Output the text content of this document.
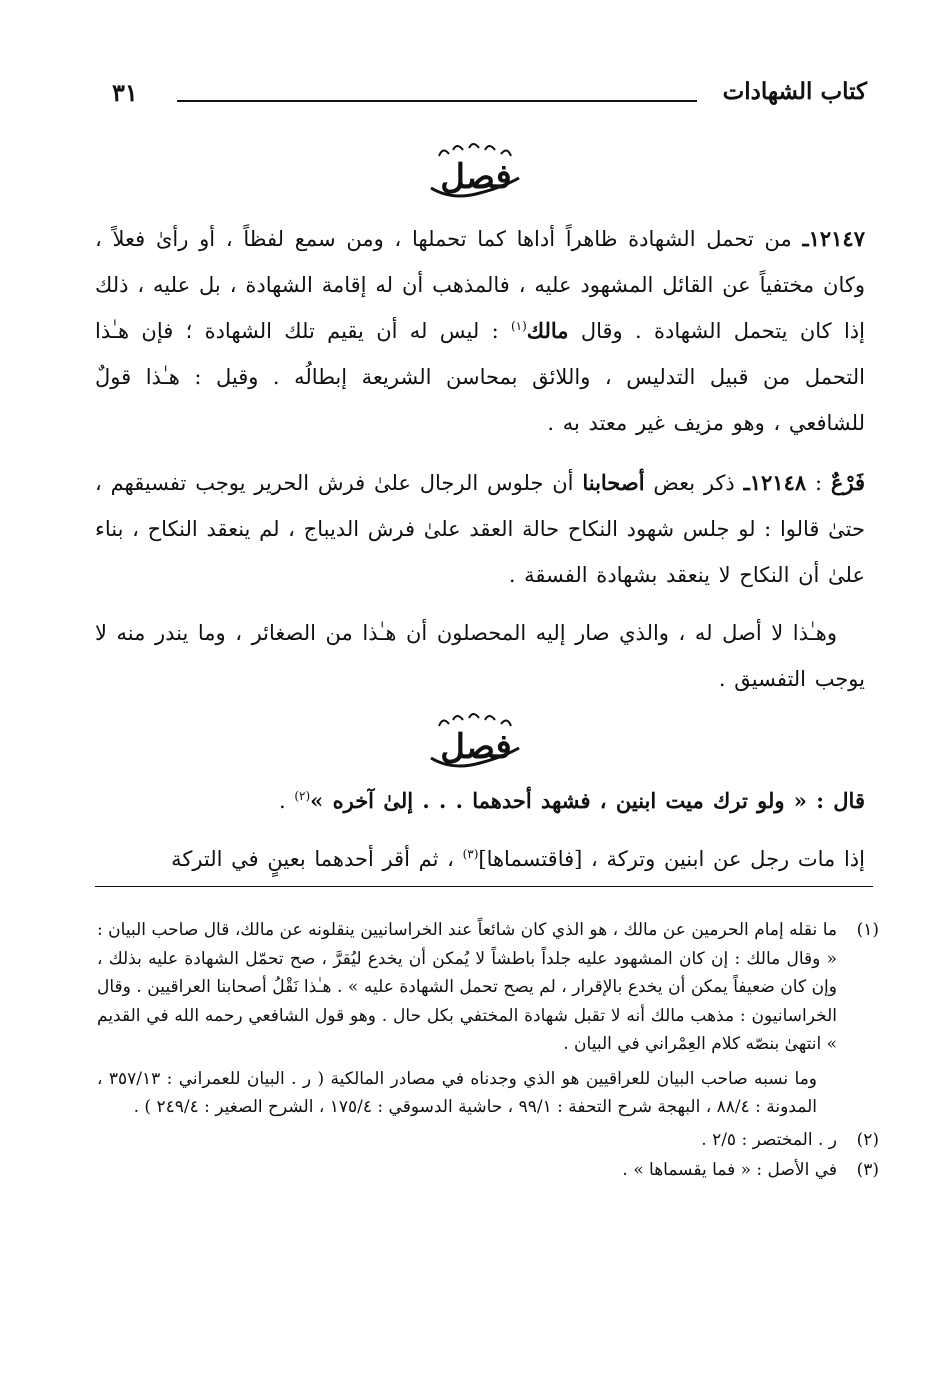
كتاب الشهادات
٣١
فصل

١٢١٤٧ـ من تحمل الشهادة ظاهراً أداها كما تحملها ، ومن سمع لفظاً ، أو رأىٰ فعلاً ، وكان مختفياً عن القائل المشهود عليه ، فالمذهب أن له إقامة الشهادة ، بل عليه ، ذلك إذا كان يتحمل الشهادة . وقال مالك$^{(١)}$ : ليس له أن يقيم تلك الشهادة ؛ فإن هـٰذا التحمل من قبيل التدليس ، واللائق بمحاسن الشريعة إبطالُه . وقيل : هـٰذا قولٌ للشافعي ، وهو مزيف غير معتد به .

فَرْعٌ : ١٢١٤٨ـ ذكر بعض أصحابنا أن جلوس الرجال علىٰ فرش الحرير يوجب تفسيقهم ، حتىٰ قالوا : لو جلس شهود النكاح حالة العقد علىٰ فرش الديباج ، لم ينعقد النكاح ، بناء علىٰ أن النكاح لا ينعقد بشهادة الفسقة .

وهـٰذا لا أصل له ، والذي صار إليه المحصلون أن هـٰذا من الصغائر ، وما يندر منه لا يوجب التفسيق .

فصل

قال : « ولو ترك ميت ابنين ، فشهد أحدهما . . . إلىٰ آخره »$^{(٢)}$ .

إذا مات رجل عن ابنين وتركة ، [فاقتسماها]$^{(٣)}$ ، ثم أقر أحدهما بعينٍ في التركة

(١)
ما نقله إمام الحرمين عن مالك ، هو الذي كان شائعاً عند الخراسانيين ينقلونه عن مالك، قال صاحب البيان : « وقال مالك : إن كان المشهود عليه جلداً باطشاً لا يُمكن أن يخدع ليُقرَّ ، صح تحمّل الشهادة عليه بذلك ، وإن كان ضعيفاً يمكن أن يخدع بالإقرار ، لم يصح تحمل الشهادة عليه » . هـٰذا نَقْلُ أصحابنا العراقيين . وقال الخراسانيون : مذهب مالك أنه لا تقبل شهادة المختفي بكل حال . وهو قول الشافعي رحمه الله في القديم » انتهىٰ بنصّه كلام العِمْراني في البيان .
وما نسبه صاحب البيان للعراقيين هو الذي وجدناه في مصادر المالكية ( ر . البيان للعمراني : ٣٥٧/١٣ ، المدونة : ٨٨/٤ ، البهجة شرح التحفة : ٩٩/١ ، حاشية الدسوقي : ١٧٥/٤ ، الشرح الصغير : ٢٤٩/٤ ) .
(٢)
ر . المختصر : ٢/٥ .
(٣)
في الأصل : « فما يقسماها » .
